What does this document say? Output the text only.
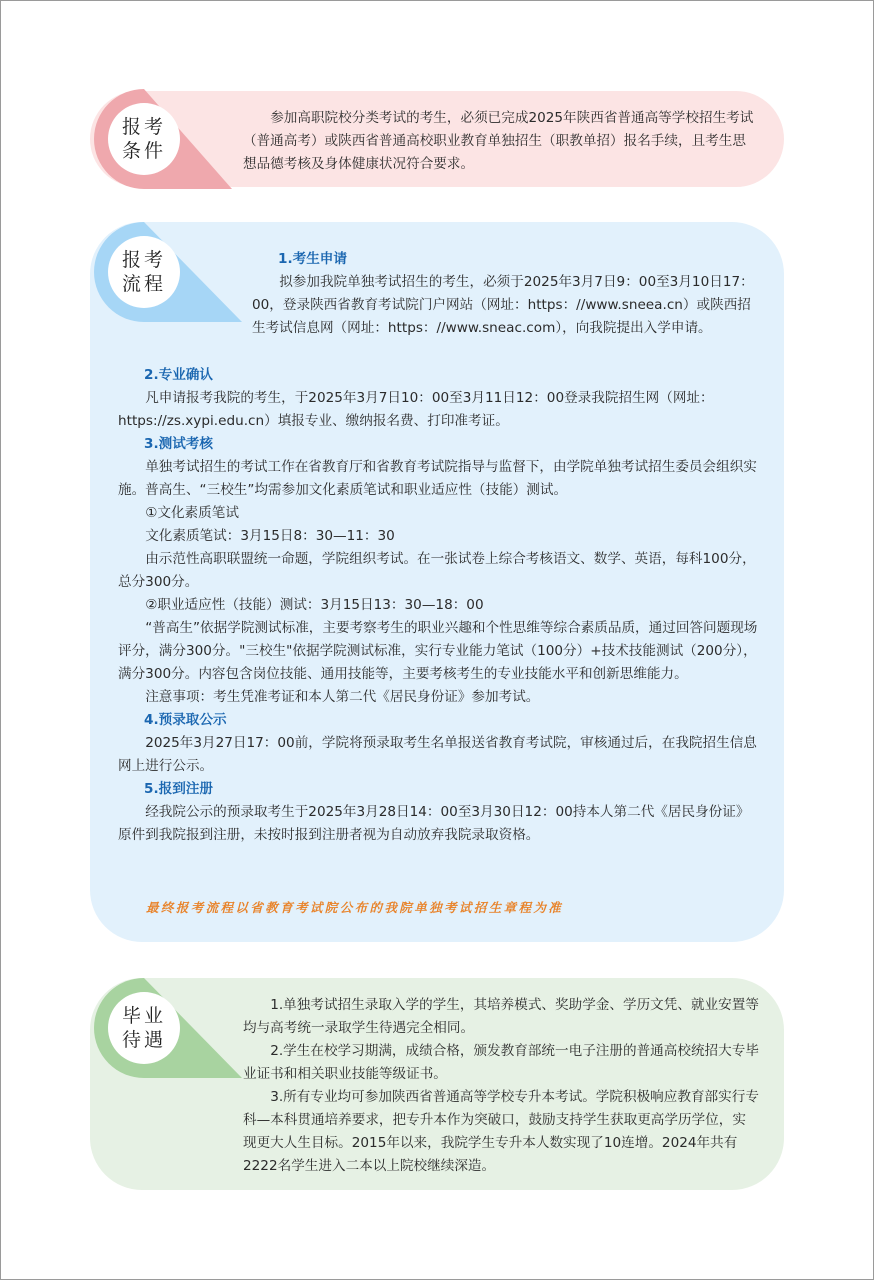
报考
条件

参加高职院校分类考试的考生，必须已完成2025年陕西省普通高等学校招生考试（普通高考）或陕西省普通高校职业教育单独招生（职教单招）报名手续，且考生思想品德考核及身体健康状况符合要求。

报考
流程

1.考生申请

拟参加我院单独考试招生的考生，必须于2025年3月7日9：00至3月10日17：00，登录陕西省教育考试院门户网站（网址：https：//www.sneea.cn）或陕西招生考试信息网（网址：https：//www.sneac.com），向我院提出入学申请。

2.专业确认

凡申请报考我院的考生，于2025年3月7日10：00至3月11日12：00登录我院招生网（网址：https://zs.xypi.edu.cn）填报专业、缴纳报名费、打印准考证。

3.测试考核

单独考试招生的考试工作在省教育厅和省教育考试院指导与监督下，由学院单独考试招生委员会组织实施。普高生、“三校生”均需参加文化素质笔试和职业适应性（技能）测试。

①文化素质笔试

文化素质笔试：3月15日8：30—11：30

由示范性高职联盟统一命题，学院组织考试。在一张试卷上综合考核语文、数学、英语，每科100分，总分300分。

②职业适应性（技能）测试：3月15日13：30—18：00

“普高生”依据学院测试标准，主要考察考生的职业兴趣和个性思维等综合素质品质，通过回答问题现场评分，满分300分。"三校生"依据学院测试标准，实行专业能力笔试（100分）+技术技能测试（200分），满分300分。内容包含岗位技能、通用技能等，主要考核考生的专业技能水平和创新思维能力。

注意事项：考生凭准考证和本人第二代《居民身份证》参加考试。

4.预录取公示

2025年3月27日17：00前，学院将预录取考生名单报送省教育考试院，审核通过后，在我院招生信息网上进行公示。

5.报到注册

经我院公示的预录取考生于2025年3月28日14：00至3月30日12：00持本人第二代《居民身份证》原件到我院报到注册，未按时报到注册者视为自动放弃我院录取资格。

最终报考流程以省教育考试院公布的我院单独考试招生章程为准
毕业
待遇

1.单独考试招生录取入学的学生，其培养模式、奖助学金、学历文凭、就业安置等均与高考统一录取学生待遇完全相同。

2.学生在校学习期满，成绩合格，颁发教育部统一电子注册的普通高校统招大专毕业证书和相关职业技能等级证书。

3.所有专业均可参加陕西省普通高等学校专升本考试。学院积极响应教育部实行专科—本科贯通培养要求，把专升本作为突破口，鼓励支持学生获取更高学历学位，实现更大人生目标。2015年以来，我院学生专升本人数实现了10连增。2024年共有2222名学生进入二本以上院校继续深造。
